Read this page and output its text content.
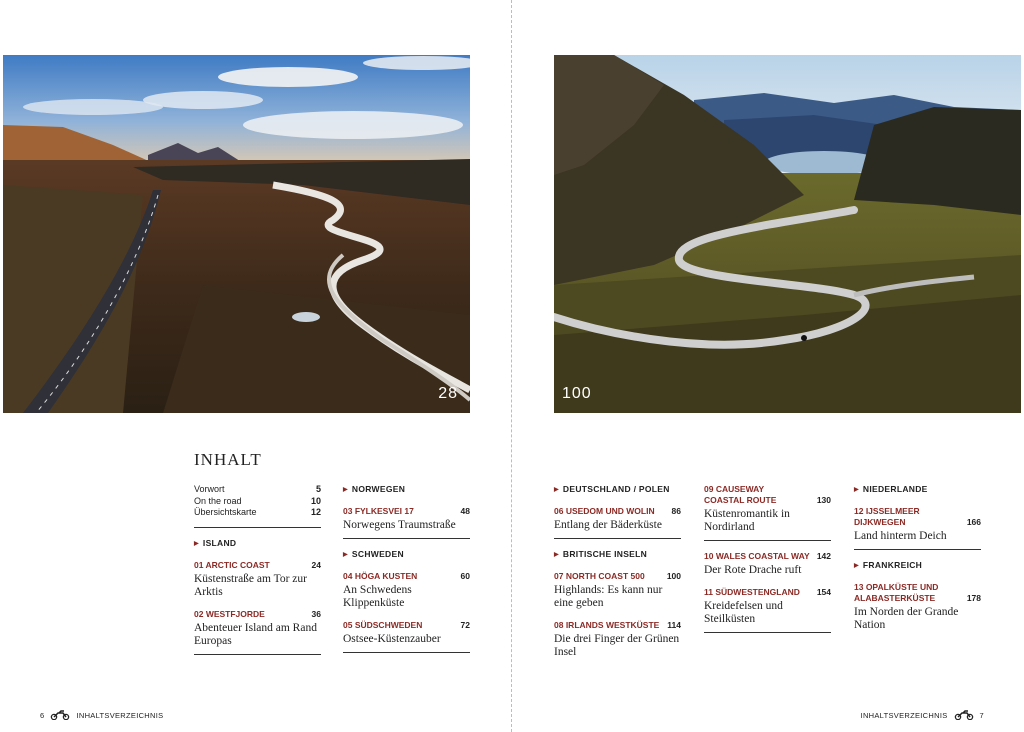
28
INHALT
Vorwort	5
On the road	10
Übersichtskarte	12
▶ ISLAND
01 ARCTIC COAST	24
Küstenstraße am Tor zur Arktis
02 WESTFJORDE	36
Abenteuer Island am Rand Europas
▶ NORWEGEN
03 FYLKESVEI 17	48
Norwegens Traumstraße
▶ SCHWEDEN
04 HÖGA KUSTEN	60
An Schwedens Klippenküste
05 SÜDSCHWEDEN	72
Ostsee-Küstenzauber
6	INHALTSVERZEICHNIS
100
▶ DEUTSCHLAND / POLEN
06 USEDOM UND WOLIN 86
Entlang der Bäderküste
▶ BRITISCHE INSELN
07 NORTH COAST 500	100
Highlands: Es kann nur eine geben
08 IRLANDS WESTKÜSTE 114
Die drei Finger der Grünen Insel
09 CAUSEWAY COASTAL ROUTE	130
Küstenromantik in Nordirland
10 WALES COASTAL WAY 142
Der Rote Drache ruft
11 SÜDWESTENGLAND 154
Kreidefelsen und Steilküsten
▶ NIEDERLANDE
12 IJSSELMEER DIJKWEGEN	166
Land hinterm Deich
▶ FRANKREICH
13 OPALKÜSTE UND ALABASTERKÜSTE	178
Im Norden der Grande Nation
INHALTSVERZEICHNIS	7
